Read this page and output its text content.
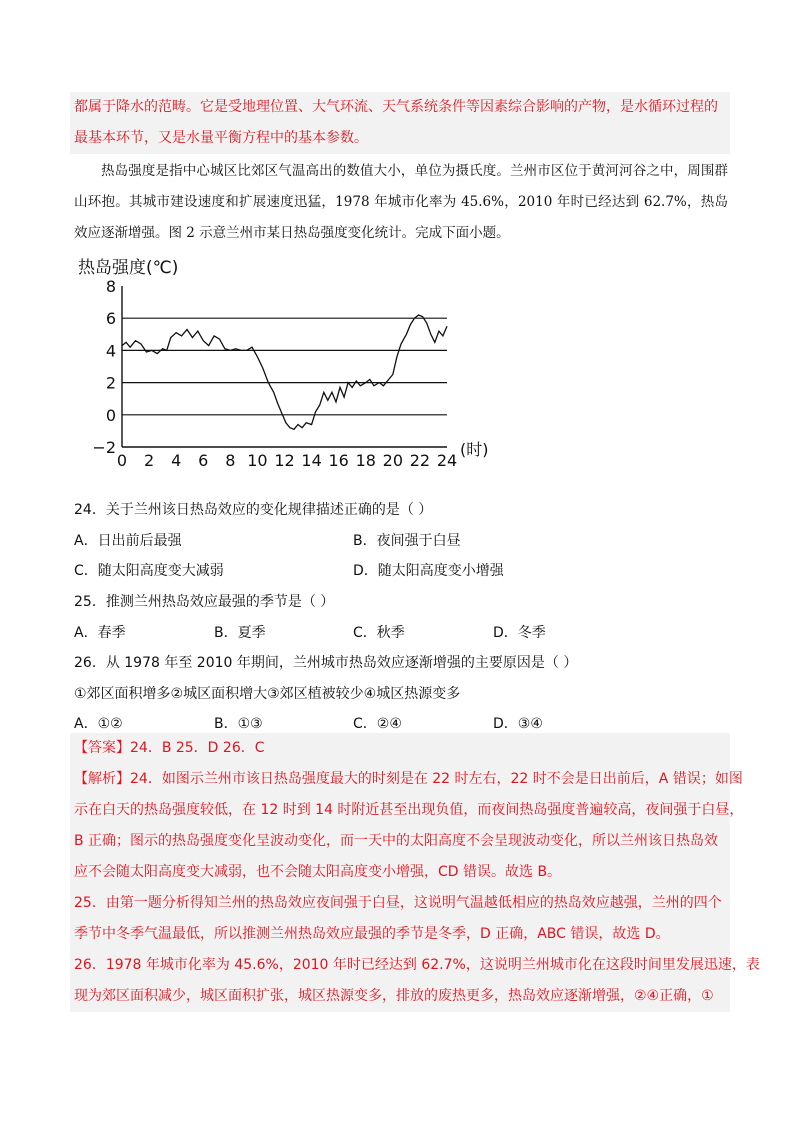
都属于降水的范畴。它是受地理位置、大气环流、天气系统条件等因素综合影响的产物，是水循环过程的

最基本环节，又是水量平衡方程中的基本参数。

热岛强度是指中心城区比郊区气温高出的数值大小，单位为摄氏度。兰州市区位于黄河河谷之中，周围群山环抱。其城市建设速度和扩展速度迅猛，1978 年城市化率为 45.6%，2010 年时已经达到 62.7%，热岛效应逐渐增强。图 2 示意兰州市某日热岛强度变化统计。完成下面小题。

热岛强度(℃)
8
6
4
2
0
−2
0 2 4 6 8 10 12 14 16 18 20 22 24
(时)
24．关于兰州该日热岛效应的变化规律描述正确的是（ ）
A．日出前后最强	B．夜间强于白昼
C．随太阳高度变大减弱	D．随太阳高度变小增强
25．推测兰州热岛效应最强的季节是（ ）
A．春季	B．夏季	C．秋季	D．冬季
26．从 1978 年至 2010 年期间，兰州城市热岛效应逐渐增强的主要原因是（ ）
①郊区面积增多②城区面积增大③郊区植被较少④城区热源变多
A．①②	B．①③	C．②④	D．③④

【答案】24．B 25．D 26．C

【解析】24．如图示兰州市该日热岛强度最大的时刻是在 22 时左右，22 时不会是日出前后，A 错误；如图

示在白天的热岛强度较低，在 12 时到 14 时附近甚至出现负值，而夜间热岛强度普遍较高，夜间强于白昼，

B 正确；图示的热岛强度变化呈波动变化，而一天中的太阳高度不会呈现波动变化，所以兰州该日热岛效

应不会随太阳高度变大减弱，也不会随太阳高度变小增强，CD 错误。故选 B。

25．由第一题分析得知兰州的热岛效应夜间强于白昼，这说明气温越低相应的热岛效应越强，兰州的四个

季节中冬季气温最低，所以推测兰州热岛效应最强的季节是冬季，D 正确，ABC 错误，故选 D。

26．1978 年城市化率为 45.6%，2010 年时已经达到 62.7%，这说明兰州城市化在这段时间里发展迅速，表

现为郊区面积减少，城区面积扩张，城区热源变多，排放的废热更多，热岛效应逐渐增强，②④正确，①
